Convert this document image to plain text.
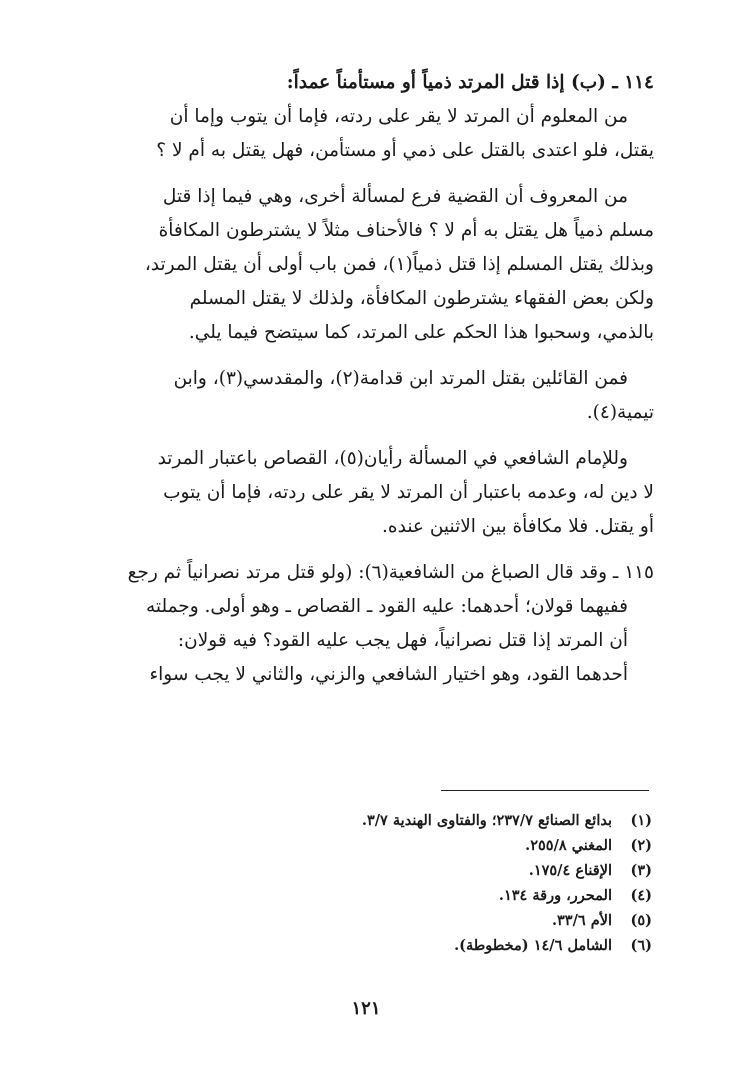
١١٤ ـ (ب) إذا قتل المرتد ذمياً أو مستأمناً عمداً:
من المعلوم أن المرتد لا يقر على ردته، فإما أن يتوب وإما أن
يقتل، فلو اعتدى بالقتل على ذمي أو مستأمن، فهل يقتل به أم لا ؟
من المعروف أن القضية فرع لمسألة أخرى، وهي فيما إذا قتل
مسلم ذمياً هل يقتل به أم لا ؟ فالأحناف مثلاً لا يشترطون المكافأة
وبذلك يقتل المسلم إذا قتل ذمياً(١)، فمن باب أولى أن يقتل المرتد،
ولكن بعض الفقهاء يشترطون المكافأة، ولذلك لا يقتل المسلم
بالذمي، وسحبوا هذا الحكم على المرتد، كما سيتضح فيما يلي.
فمن القائلين بقتل المرتد ابن قدامة(٢)، والمقدسي(٣)، وابن
تيمية(٤).
وللإمام الشافعي في المسألة رأيان(٥)، القصاص باعتبار المرتد
لا دين له، وعدمه باعتبار أن المرتد لا يقر على ردته، فإما أن يتوب
أو يقتل. فلا مكافأة بين الاثنين عنده.
١١٥ ـ وقد قال الصباغ من الشافعية(٦): (ولو قتل مرتد نصرانياً ثم رجع
ففيهما قولان؛ أحدهما: عليه القود ـ القصاص ـ وهو أولى. وجملته
أن المرتد إذا قتل نصرانياً، فهل يجب عليه القود؟ فيه قولان:
أحدهما القود، وهو اختيار الشافعي والزني، والثاني لا يجب سواء
(١)
بدائع الصنائع ٢٣٧/٧؛ والفتاوى الهندية ٣/٧.
(٢)
المغني ٢٥٥/٨.
(٣)
الإقناع ١٧٥/٤.
(٤)
المحرر، ورقة ١٣٤.
(٥)
الأم ٣٣/٦.
(٦)
الشامل ١٤/٦ (مخطوطة).
١٢١
